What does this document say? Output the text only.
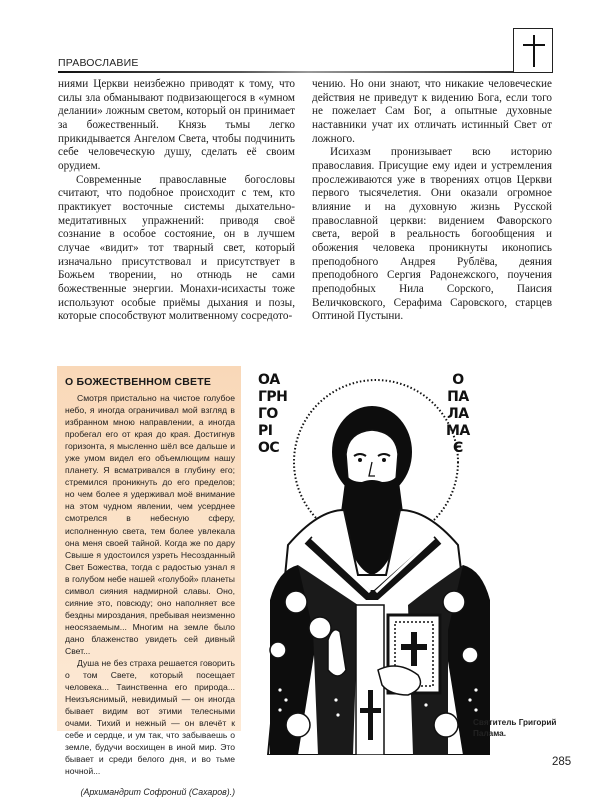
ПРАВОСЛАВИЕ

ниями Церкви неизбежно приводят к тому, что силы зла обманывают подвизающегося в «умном делании» ложным светом, который он принимает за божественный. Князь тьмы легко прикидывается Ангелом Света, чтобы подчинить себе человеческую душу, сделать её своим орудием.

Современные православные богословы считают, что подобное происходит с тем, кто практикует восточные системы дыхательно-медитативных упражнений: приводя своё сознание в особое состояние, он в лучшем случае «видит» тот тварный свет, который изначально присутствовал и присутствует в Божьем творении, но отнюдь не сами божественные энергии. Монахи-исихасты тоже используют особые приёмы дыхания и позы, которые способствуют молитвенному сосредото-

чению. Но они знают, что никакие человеческие действия не приведут к видению Бога, если того не пожелает Сам Бог, а опытные духовные наставники учат их отличать истинный Свет от ложного.

Исихазм пронизывает всю историю православия. Присущие ему идеи и устремления прослеживаются уже в творениях отцов Церкви первого тысячелетия. Они оказали огромное влияние и на духовную жизнь Русской православной церкви: видением Фаворского света, верой в реальность богообщения и обожения человека проникнуты иконопись преподобного Андрея Рублёва, деяния преподобного Сергия Радонежского, поучения преподобных Нила Сорского, Паисия Величковского, Серафима Саровского, старцев Оптиной Пустыни.

О БОЖЕСТВЕННОМ СВЕТЕ

Смотря пристально на чистое голубое небо, я иногда ограничивал мой взгляд в избранном мною направлении, а иногда пробегал его от края до края. Достигнув горизонта, я мысленно шёл все дальше и уже умом видел его объемлющим нашу планету. Я всматривался в глубину его; стремился проникнуть до его пределов; но чем более я удерживал моё внимание на этом чудном явлении, чем усерднее смотрелся в небесную сферу, исполненную света, тем более увлекала она меня своей тайной. Когда же по дару Свыше я удостоился узреть Несозданный Свет Божества, тогда с радостью узнал я в голубом небе нашей «голубой» планеты символ сияния надмирной славы. Оно, сияние это, повсюду; оно наполняет все бездны мироздания, пребывая неизменно неосязаемым... Многим на земле было дано блаженство увидеть сей дивный Свет...

Душа не без страха решается говорить о том Свете, который посещает человека... Таинственна его природа... Неизъяснимый, невидимый — он иногда бывает видим вот этими телесными очами. Тихий и нежный — он влечёт к себе и сердце, и ум так, что забываешь о земле, будучи восхищен в иной мир. Это бывает и среди белого дня, и во тьме ночной...

(Архимандрит Софроний (Сахаров).)
ОА
ГРН
ГО
РІ
ОС
О
ПА
ЛА
МА
Є
Святитель Григорий Палама.
285
